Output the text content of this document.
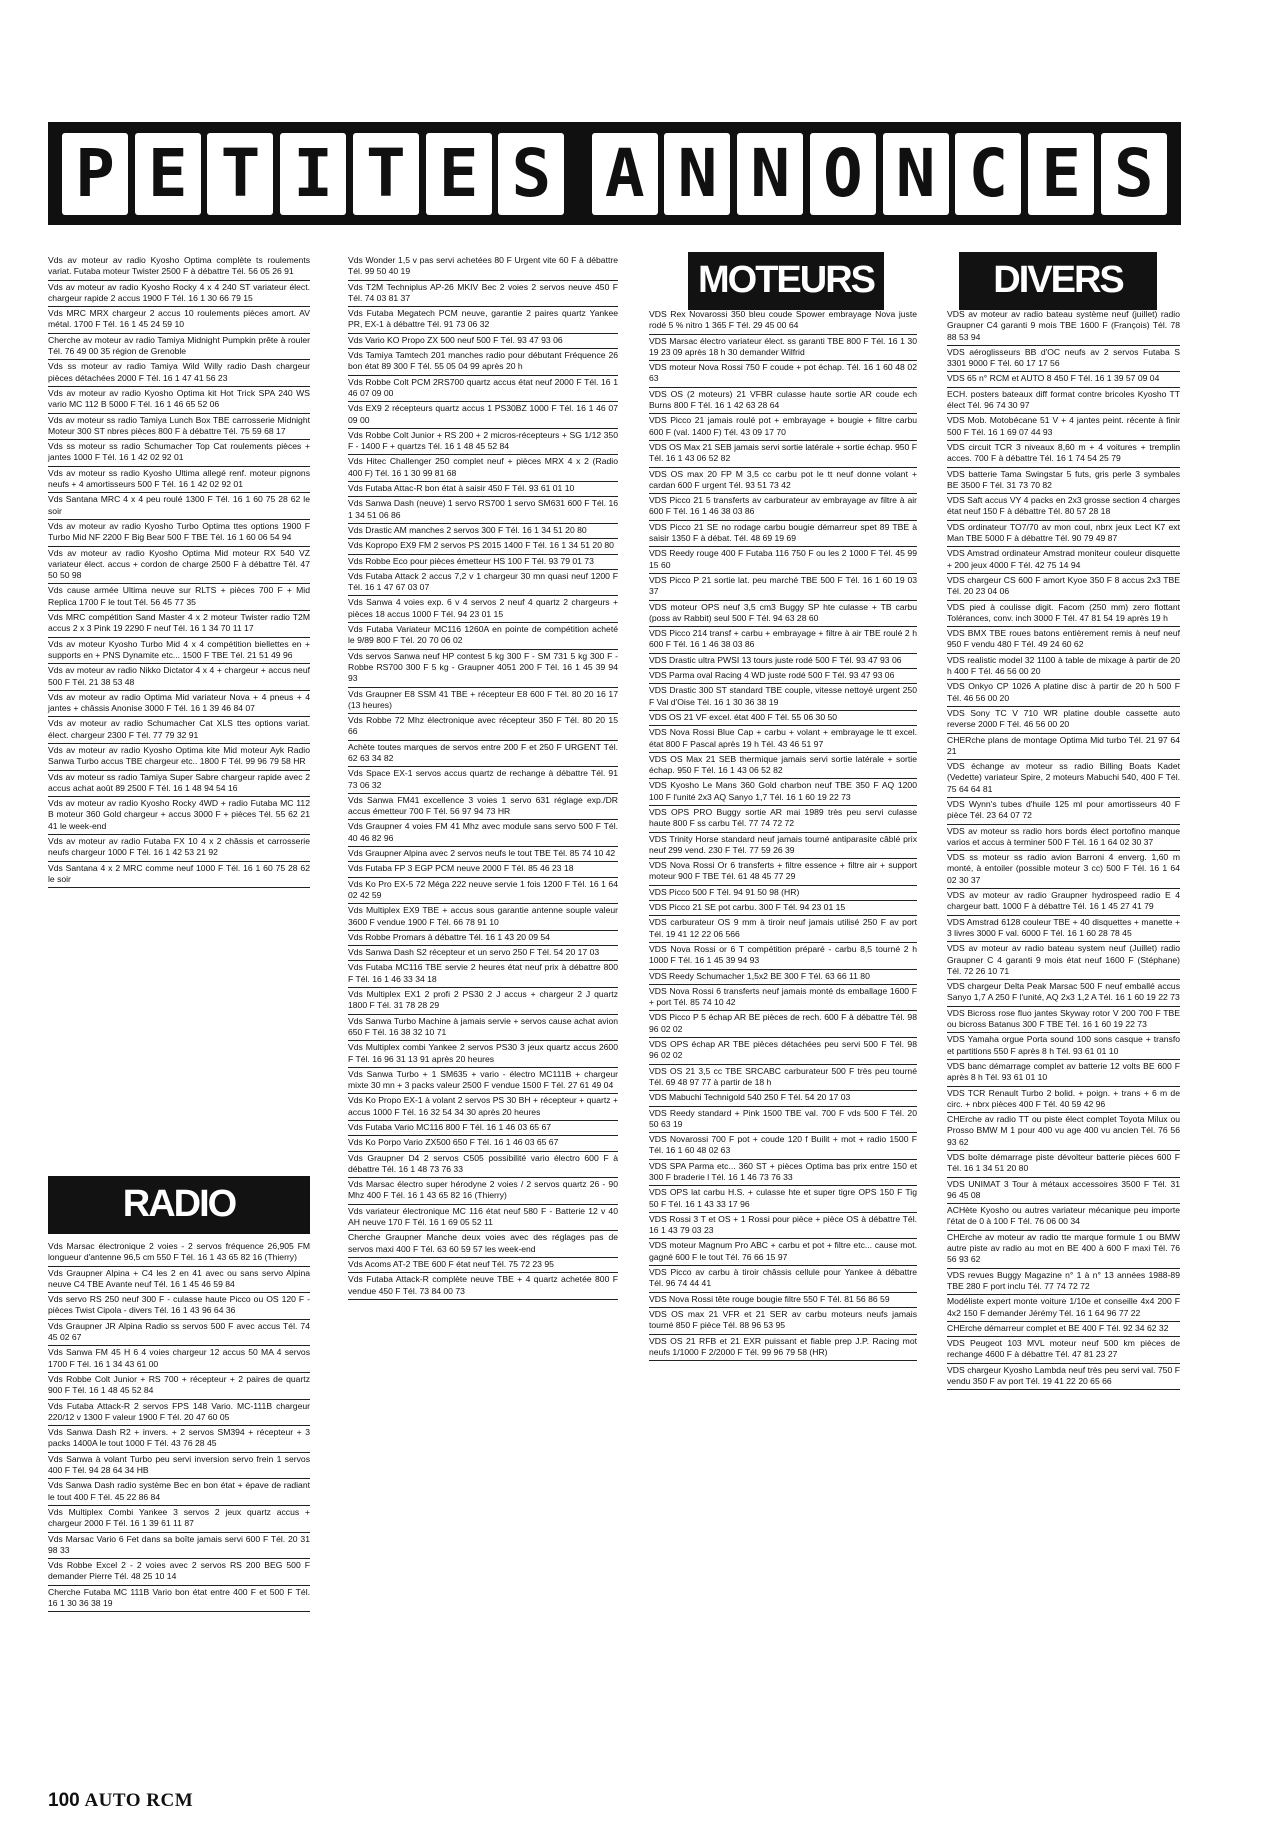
P E T I T E S A N N O N C E S
MOTEURS	DIVERS
RADIO
Vds av moteur av radio Kyosho Optima complète ts roulements variat. Futaba moteur Twister 2500 F à débattre Tél. 56 05 26 91
Vds av moteur av radio Kyosho Rocky 4 x 4 240 ST variateur élect. chargeur rapide 2 accus 1900 F Tél. 16 1 30 66 79 15
Vds MRC MRX chargeur 2 accus 10 roulements pièces amort. AV métal. 1700 F Tél. 16 1 45 24 59 10
Cherche av moteur av radio Tamiya Midnight Pumpkin prête à rouler Tél. 76 49 00 35 région de Grenoble
Vds ss moteur av radio Tamiya Wild Willy radio Dash chargeur pièces détachées 2000 F Tél. 16 1 47 41 56 23
Vds av moteur av radio Kyosho Optima kit Hot Trick SPA 240 WS vario MC 112 B 5000 F Tél. 16 1 46 65 52 06
Vds av moteur ss radio Tamiya Lunch Box TBE carrosserie Midnight Moteur 300 ST nbres pièces 800 F à débattre Tél. 75 59 68 17
Vds ss moteur ss radio Schumacher Top Cat roulements pièces + jantes 1000 F Tél. 16 1 42 02 92 01
Vds av moteur ss radio Kyosho Ultima allegé renf. moteur pignons neufs + 4 amortisseurs 500 F Tél. 16 1 42 02 92 01
Vds Santana MRC 4 x 4 peu roulé 1300 F Tél. 16 1 60 75 28 62 le soir
Vds av moteur av radio Kyosho Turbo Optima ttes options 1900 F Turbo Mid NF 2200 F Big Bear 500 F TBE Tél. 16 1 60 06 54 94
Vds av moteur av radio Kyosho Optima Mid moteur RX 540 VZ variateur élect. accus + cordon de charge 2500 F à débattre Tél. 47 50 50 98
Vds cause armée Ultima neuve sur RLTS + pièces 700 F + Mid Replica 1700 F le tout Tél. 56 45 77 35
Vds MRC compétition Sand Master 4 x 2 moteur Twister radio T2M accus 2 x 3 Pink 19 2290 F neuf Tél. 16 1 34 70 11 17
Vds av moteur Kyosho Turbo Mid 4 x 4 compétition biellettes en + supports en + PNS Dynamite etc... 1500 F TBE Tél. 21 51 49 96
Vds av moteur av radio Nikko Dictator 4 x 4 + chargeur + accus neuf 500 F Tél. 21 38 53 48
Vds av moteur av radio Optima Mid variateur Nova + 4 pneus + 4 jantes + châssis Anonise 3000 F Tél. 16 1 39 46 84 07
Vds av moteur av radio Schumacher Cat XLS ttes options variat. élect. chargeur 2300 F Tél. 77 79 32 91
Vds av moteur av radio Kyosho Optima kite Mid moteur Ayk Radio Sanwa Turbo accus TBE chargeur etc.. 1800 F Tél. 99 96 79 58 HR
Vds av moteur ss radio Tamiya Super Sabre chargeur rapide avec 2 accus achat août 89 2500 F Tél. 16 1 48 94 54 16
Vds av moteur av radio Kyosho Rocky 4WD + radio Futaba MC 112 B moteur 360 Gold chargeur + accus 3000 F + pièces Tél. 55 62 21 41 le week-end
Vds av moteur av radio Futaba FX 10 4 x 2 châssis et carrosserie neufs chargeur 1000 F Tél. 16 1 42 53 21 92
Vds Santana 4 x 2 MRC comme neuf 1000 F Tél. 16 1 60 75 28 62 le soir
Vds Marsac électronique 2 voies - 2 servos fréquence 26,905 FM longueur d'antenne 96,5 cm 550 F Tél. 16 1 43 65 82 16 (Thierry)
Vds Graupner Alpina + C4 les 2 en 41 avec ou sans servo Alpina neuve C4 TBE Avante neuf Tél. 16 1 45 46 59 84
Vds servo RS 250 neuf 300 F - culasse haute Picco ou OS 120 F - pièces Twist Cipola - divers Tél. 16 1 43 96 64 36
Vds Graupner JR Alpina Radio ss servos 500 F avec accus Tél. 74 45 02 67
Vds Sanwa FM 45 H 6 4 voies chargeur 12 accus 50 MA 4 servos 1700 F Tél. 16 1 34 43 61 00
Vds Robbe Colt Junior + RS 700 + récepteur + 2 paires de quartz 900 F Tél. 16 1 48 45 52 84
Vds Futaba Attack-R 2 servos FPS 148 Vario. MC-111B chargeur 220/12 v 1300 F valeur 1900 F Tél. 20 47 60 05
Vds Sanwa Dash R2 + invers. + 2 servos SM394 + récepteur + 3 packs 1400A le tout 1000 F Tél. 43 76 28 45
Vds Sanwa à volant Turbo peu servi inversion servo frein 1 servos 400 F Tél. 94 28 64 34 HB
Vds Sanwa Dash radio système Bec en bon état + épave de radiant le tout 400 F Tél. 45 22 86 84
Vds Multiplex Combi Yankee 3 servos 2 jeux quartz accus + chargeur 2000 F Tél. 16 1 39 61 11 87
Vds Marsac Vario 6 Fet dans sa boîte jamais servi 600 F Tél. 20 31 98 33
Vds Robbe Excel 2 - 2 voies avec 2 servos RS 200 BEG 500 F demander Pierre Tél. 48 25 10 14
Cherche Futaba MC 111B Vario bon état entre 400 F et 500 F Tél. 16 1 30 36 38 19
Vds Wonder 1,5 v pas servi achetées 80 F Urgent vite 60 F à débattre Tél. 99 50 40 19
Vds T2M Techniplus AP-26 MKIV Bec 2 voies 2 servos neuve 450 F Tél. 74 03 81 37
Vds Futaba Megatech PCM neuve, garantie 2 paires quartz Yankee PR, EX-1 à débattre Tél. 91 73 06 32
Vds Vario KO Propo ZX 500 neuf 500 F Tél. 93 47 93 06
Vds Tamiya Tamtech 201 manches radio pour débutant Fréquence 26 bon état 89 300 F Tél. 55 05 04 99 après 20 h
Vds Robbe Colt PCM 2RS700 quartz accus état neuf 2000 F Tél. 16 1 46 07 09 00
Vds EX9 2 récepteurs quartz accus 1 PS30BZ 1000 F Tél. 16 1 46 07 09 00
Vds Robbe Colt Junior + RS 200 + 2 micros-récepteurs + SG 1/12 350 F - 1400 F + quartzs Tél. 16 1 48 45 52 84
Vds Hitec Challenger 250 complet neuf + pièces MRX 4 x 2 (Radio 400 F) Tél. 16 1 30 99 81 68
Vds Futaba Attac-R bon état à saisir 450 F Tél. 93 61 01 10
Vds Sanwa Dash (neuve) 1 servo RS700 1 servo SM631 600 F Tél. 16 1 34 51 06 86
Vds Drastic AM manches 2 servos 300 F Tél. 16 1 34 51 20 80
Vds Kopropo EX9 FM 2 servos PS 2015 1400 F Tél. 16 1 34 51 20 80
Vds Robbe Eco pour pièces émetteur HS 100 F Tél. 93 79 01 73
Vds Futaba Attack 2 accus 7,2 v 1 chargeur 30 mn quasi neuf 1200 F Tél. 16 1 47 67 03 07
Vds Sanwa 4 voies exp. 6 v 4 servos 2 neuf 4 quartz 2 chargeurs + pièces 18 accus 1000 F Tél. 94 23 01 15
Vds Futaba Variateur MC116 1260A en pointe de compétition acheté le 9/89 800 F Tél. 20 70 06 02
Vds servos Sanwa neuf HP contest 5 kg 300 F - SM 731 5 kg 300 F - Robbe RS700 300 F 5 kg - Graupner 4051 200 F Tél. 16 1 45 39 94 93
Vds Graupner E8 SSM 41 TBE + récepteur E8 600 F Tél. 80 20 16 17 (13 heures)
Vds Robbe 72 Mhz électronique avec récepteur 350 F Tél. 80 20 15 66
Achète toutes marques de servos entre 200 F et 250 F URGENT Tél. 62 63 34 82
Vds Space EX-1 servos accus quartz de rechange à débattre Tél. 91 73 06 32
Vds Sanwa FM41 excellence 3 voies 1 servo 631 réglage exp./DR accus émetteur 700 F Tél. 56 97 94 73 HR
Vds Graupner 4 voies FM 41 Mhz avec module sans servo 500 F Tél. 40 46 82 96
Vds Graupner Alpina avec 2 servos neufs le tout TBE Tél. 85 74 10 42
Vds Futaba FP 3 EGP PCM neuve 2000 F Tél. 85 46 23 18
Vds Ko Pro EX-5 72 Méga 222 neuve servie 1 fois 1200 F Tél. 16 1 64 02 42 59
Vds Multiplex EX9 TBE + accus sous garantie antenne souple valeur 3600 F vendue 1900 F Tél. 66 78 91 10
Vds Robbe Promars à débattre Tél. 16 1 43 20 09 54
Vds Sanwa Dash S2 récepteur et un servo 250 F Tél. 54 20 17 03
Vds Futaba MC116 TBE servie 2 heures état neuf prix à débattre 800 F Tél. 16 1 46 33 34 18
Vds Multiplex EX1 2 profi 2 PS30 2 J accus + chargeur 2 J quartz 1800 F Tél. 31 78 28 29
Vds Sanwa Turbo Machine à jamais servie + servos cause achat avion 650 F Tél. 16 38 32 10 71
Vds Multiplex combi Yankee 2 servos PS30 3 jeux quartz accus 2600 F Tél. 16 96 31 13 91 après 20 heures
Vds Sanwa Turbo + 1 SM635 + vario - électro MC111B + chargeur mixte 30 mn + 3 packs valeur 2500 F vendue 1500 F Tél. 27 61 49 04
Vds Ko Propo EX-1 à volant 2 servos PS 30 BH + récepteur + quartz + accus 1000 F Tél. 16 32 54 34 30 après 20 heures
Vds Futaba Vario MC116 800 F Tél. 16 1 46 03 65 67
Vds Ko Porpo Vario ZX500 650 F Tél. 16 1 46 03 65 67
Vds Graupner D4 2 servos C505 possibilité vario électro 600 F à débattre Tél. 16 1 48 73 76 33
Vds Marsac électro super hérodyne 2 voies / 2 servos quartz 26 - 90 Mhz 400 F Tél. 16 1 43 65 82 16 (Thierry)
Vds variateur électronique MC 116 état neuf 580 F - Batterie 12 v 40 AH neuve 170 F Tél. 16 1 69 05 52 11
Cherche Graupner Manche deux voies avec des réglages pas de servos maxi 400 F Tél. 63 60 59 57 les week-end
Vds Acoms AT-2 TBE 600 F état neuf Tél. 75 72 23 95
Vds Futaba Attack-R complète neuve TBE + 4 quartz achetée 800 F vendue 450 F Tél. 73 84 00 73
VDS Rex Novarossi 350 bleu coude Spower embrayage Nova juste rodé 5 % nitro 1 365 F Tél. 29 45 00 64
VDS Marsac électro variateur élect. ss garanti TBE 800 F Tél. 16 1 30 19 23 09 après 18 h 30 demander Wilfrid
VDS moteur Nova Rossi 750 F coude + pot échap. Tél. 16 1 60 48 02 63
VDS OS (2 moteurs) 21 VFBR culasse haute sortie AR coude ech Burns 800 F Tél. 16 1 42 63 28 64
VDS Picco 21 jamais roulé pot + embrayage + bougie + filtre carbu 600 F (val. 1400 F) Tél. 43 09 17 70
VDS OS Max 21 SEB jamais servi sortie latérale + sortie échap. 950 F Tél. 16 1 43 06 52 82
VDS OS max 20 FP M 3,5 cc carbu pot le tt neuf donne volant + cardan 600 F urgent Tél. 93 51 73 42
VDS Picco 21 5 transferts av carburateur av embrayage av filtre à air 600 F Tél. 16 1 46 38 03 86
VDS Picco 21 SE no rodage carbu bougie démarreur spet 89 TBE à saisir 1350 F à débat. Tél. 48 69 19 69
VDS Reedy rouge 400 F Futaba 116 750 F ou les 2 1000 F Tél. 45 99 15 60
VDS Picco P 21 sortie lat. peu marché TBE 500 F Tél. 16 1 60 19 03 37
VDS moteur OPS neuf 3,5 cm3 Buggy SP hte culasse + TB carbu (poss av Rabbit) seul 500 F Tél. 94 63 28 60
VDS Picco 214 transf + carbu + embrayage + filtre à air TBE roulé 2 h 600 F Tél. 16 1 46 38 03 86
VDS Drastic ultra PWSI 13 tours juste rodé 500 F Tél. 93 47 93 06
VDS Parma oval Racing 4 WD juste rodé 500 F Tél. 93 47 93 06
VDS Drastic 300 ST standard TBE couple, vitesse nettoyé urgent 250 F Val d'Oise Tél. 16 1 30 36 38 19
VDS OS 21 VF excel. état 400 F Tél. 55 06 30 50
VDS Nova Rossi Blue Cap + carbu + volant + embrayage le tt excel. état 800 F Pascal après 19 h Tél. 43 46 51 97
VDS OS Max 21 SEB thermique jamais servi sortie latérale + sortie échap. 950 F Tél. 16 1 43 06 52 82
VDS Kyosho Le Mans 360 Gold charbon neuf TBE 350 F AQ 1200 100 F l'unité 2x3 AQ Sanyo 1,7 Tél. 16 1 60 19 22 73
VDS OPS PRO Buggy sortie AR mai 1989 très peu servi culasse haute 800 F ss carbu Tél. 77 74 72 72
VDS Trinity Horse standard neuf jamais tourné antiparasite câblé prix neuf 299 vend. 230 F Tél. 77 59 26 39
VDS Nova Rossi Or 6 transferts + filtre essence + filtre air + support moteur 900 F TBE Tél. 61 48 45 77 29
VDS Picco 500 F Tél. 94 91 50 98 (HR)
VDS Picco 21 SE pot carbu. 300 F Tél. 94 23 01 15
VDS carburateur OS 9 mm à tiroir neuf jamais utilisé 250 F av port Tél. 19 41 12 22 06 566
VDS Nova Rossi or 6 T compétition préparé - carbu 8,5 tourné 2 h 1000 F Tél. 16 1 45 39 94 93
VDS Reedy Schumacher 1,5x2 BE 300 F Tél. 63 66 11 80
VDS Nova Rossi 6 transferts neuf jamais monté ds emballage 1600 F + port Tél. 85 74 10 42
VDS Picco P 5 échap AR BE pièces de rech. 600 F à débattre Tél. 98 96 02 02
VDS OPS échap AR TBE pièces détachées peu servi 500 F Tél. 98 96 02 02
VDS OS 21 3,5 cc TBE SRCABC carburateur 500 F très peu tourné Tél. 69 48 97 77 à partir de 18 h
VDS Mabuchi Technigold 540 250 F Tél. 54 20 17 03
VDS Reedy standard + Pink 1500 TBE val. 700 F vds 500 F Tél. 20 50 63 19
VDS Novarossi 700 F pot + coude 120 f Builit + mot + radio 1500 F Tél. 16 1 60 48 02 63
VDS SPA Parma etc... 360 ST + pièces Optima bas prix entre 150 et 300 F braderie l Tél. 16 1 46 73 76 33
VDS OPS lat carbu H.S. + culasse hte et super tigre OPS 150 F Tig 50 F Tél. 16 1 43 33 17 96
VDS Rossi 3 T et OS + 1 Rossi pour pièce + pièce OS à débattre Tél. 16 1 43 79 03 23
VDS moteur Magnum Pro ABC + carbu et pot + filtre etc... cause mot. gagné 600 F le tout Tél. 76 66 15 97
VDS Picco av carbu à tiroir châssis cellule pour Yankee à débattre Tél. 96 74 44 41
VDS Nova Rossi tête rouge bougie filtre 550 F Tél. 81 56 86 59
VDS OS max 21 VFR et 21 SER av carbu moteurs neufs jamais tourné 850 F pièce Tél. 88 96 53 95
VDS OS 21 RFB et 21 EXR puissant et fiable prep J.P. Racing mot neufs 1/1000 F 2/2000 F Tél. 99 96 79 58 (HR)
VDS av moteur av radio bateau système neuf (juillet) radio Graupner C4 garanti 9 mois TBE 1600 F (François) Tél. 78 88 53 94
VDS aéroglisseurs BB d'OC neufs av 2 servos Futaba S 3301 9000 F Tél. 60 17 17 56
VDS 65 n° RCM et AUTO 8 450 F Tél. 16 1 39 57 09 04
ECH. posters bateaux diff format contre bricoles Kyosho TT élect Tél. 96 74 30 97
VDS Mob. Motobécane 51 V + 4 jantes peint. récente à finir 500 F Tél. 16 1 69 07 44 93
VDS circuit TCR 3 niveaux 8,60 m + 4 voitures + tremplin acces. 700 F à débattre Tél. 16 1 74 54 25 79
VDS batterie Tama Swingstar 5 futs, gris perle 3 symbales BE 3500 F Tél. 31 73 70 82
VDS Saft accus VY 4 packs en 2x3 grosse section 4 charges état neuf 150 F à débattre Tél. 80 57 28 18
VDS ordinateur TO7/70 av mon coul, nbrx jeux Lect K7 ext Man TBE 5000 F à débattre Tél. 90 79 49 87
VDS Amstrad ordinateur Amstrad moniteur couleur disquette + 200 jeux 4000 F Tél. 42 75 14 94
VDS chargeur CS 600 F amort Kyoe 350 F 8 accus 2x3 TBE Tél. 20 23 04 06
VDS pied à coulisse digit. Facom (250 mm) zero flottant Tolérances, conv. inch 3000 F Tél. 47 81 54 19 après 19 h
VDS BMX TBE roues batons entièrement remis à neuf neuf 950 F vendu 480 F Tél. 49 24 60 62
VDS realistic model 32 1100 à table de mixage à partir de 20 h 400 F Tél. 46 56 00 20
VDS Onkyo CP 1026 A platine disc à partir de 20 h 500 F Tél. 46 56 00 20
VDS Sony TC V 710 WR platine double cassette auto reverse 2000 F Tél. 46 56 00 20
CHERche plans de montage Optima Mid turbo Tél. 21 97 64 21
VDS échange av moteur ss radio Billing Boats Kadet (Vedette) variateur Spire, 2 moteurs Mabuchi 540, 400 F Tél. 75 64 64 81
VDS Wynn's tubes d'huile 125 ml pour amortisseurs 40 F pièce Tél. 23 64 07 72
VDS av moteur ss radio hors bords élect portofino manque varios et accus à terminer 500 F Tél. 16 1 64 02 30 37
VDS ss moteur ss radio avion Barroni 4 enverg. 1,60 m monté, à entoiler (possible moteur 3 cc) 500 F Tél. 16 1 64 02 30 37
VDS av moteur av radio Graupner hydrospeed radio E 4 chargeur batt. 1000 F à débattre Tél. 16 1 45 27 41 79
VDS Amstrad 6128 couleur TBE + 40 disquettes + manette + 3 livres 3000 F val. 6000 F Tél. 16 1 60 28 78 45
VDS av moteur av radio bateau system neuf (Juillet) radio Graupner C 4 garanti 9 mois état neuf 1600 F (Stéphane) Tél. 72 26 10 71
VDS chargeur Delta Peak Marsac 500 F neuf emballé accus Sanyo 1,7 A 250 F l'unité, AQ 2x3 1,2 A Tél. 16 1 60 19 22 73
VDS Bicross rose fluo jantes Skyway rotor V 200 700 F TBE ou bicross Batanus 300 F TBE Tél. 16 1 60 19 22 73
VDS Yamaha orgue Porta sound 100 sons casque + transfo et partitions 550 F après 8 h Tél. 93 61 01 10
VDS banc démarrage complet av batterie 12 volts BE 600 F après 8 h Tél. 93 61 01 10
VDS TCR Renault Turbo 2 bolid. + poign. + trans + 6 m de circ. + nbrx pièces 400 F Tél. 40 59 42 96
CHErche av radio TT ou piste élect complet Toyota Milux ou Prosso BMW M 1 pour 400 vu age 400 vu ancien Tél. 76 56 93 62
VDS boîte démarrage piste dévolteur batterie pièces 600 F Tél. 16 1 34 51 20 80
VDS UNIMAT 3 Tour à métaux accessoires 3500 F Tél. 31 96 45 08
ACHète Kyosho ou autres variateur mécanique peu importe l'état de 0 à 100 F Tél. 76 06 00 34
CHErche av moteur av radio tte marque formule 1 ou BMW autre piste av radio au mot en BE 400 à 600 F maxi Tél. 76 56 93 62
VDS revues Buggy Magazine n° 1 à n° 13 années 1988-89 TBE 280 F port inclu Tél. 77 74 72 72
Modéliste expert monte voiture 1/10e et conseille 4x4 200 F 4x2 150 F demander Jérémy Tél. 16 1 64 96 77 22
CHErche démarreur complet et BE 400 F Tél. 92 34 62 32
VDS Peugeot 103 MVL moteur neuf 500 km pièces de rechange 4600 F à débattre Tél. 47 81 23 27
VDS chargeur Kyosho Lambda neuf très peu servi val. 750 F vendu 350 F av port Tél. 19 41 22 20 65 66
100 AUTO RCM
